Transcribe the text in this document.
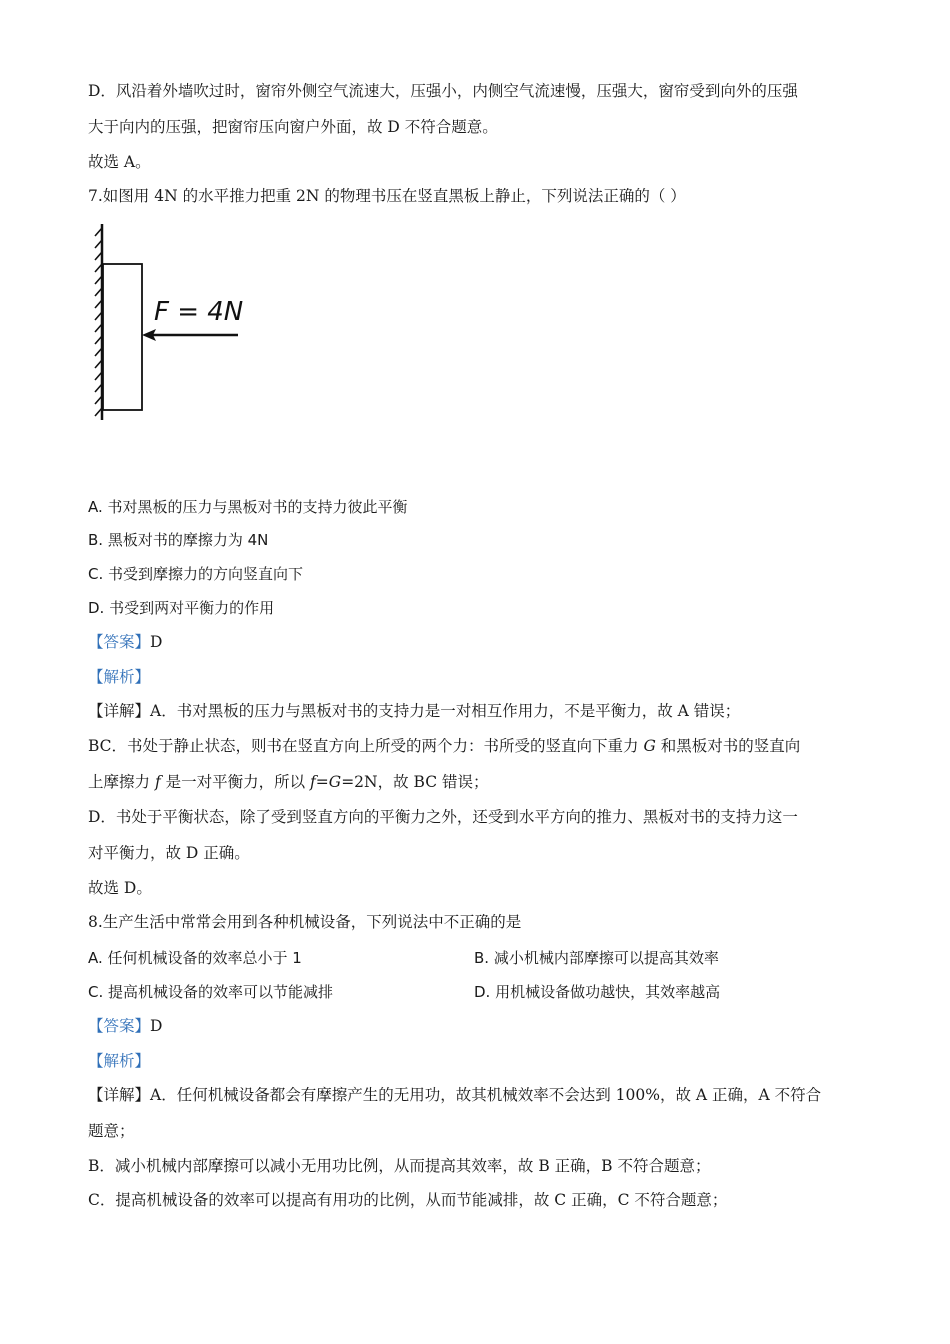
D．风沿着外墙吹过时，窗帘外侧空气流速大，压强小，内侧空气流速慢，压强大，窗帘受到向外的压强
大于向内的压强，把窗帘压向窗户外面，故 D 不符合题意。
故选 A。
7.如图用 4N 的水平推力把重 2N 的物理书压在竖直黑板上静止，下列说法正确的（ ）
F = 4N
A. 书对黑板的压力与黑板对书的支持力彼此平衡
B. 黑板对书的摩擦力为 4N
C. 书受到摩擦力的方向竖直向下
D. 书受到两对平衡力的作用
【答案】D
【解析】
【详解】A．书对黑板的压力与黑板对书的支持力是一对相互作用力，不是平衡力，故 A 错误；
BC．书处于静止状态，则书在竖直方向上所受的两个力：书所受的竖直向下重力 G 和黑板对书的竖直向
上摩擦力 f 是一对平衡力，所以 f=G=2N，故 BC 错误；
D．书处于平衡状态，除了受到竖直方向的平衡力之外，还受到水平方向的推力、黑板对书的支持力这一
对平衡力，故 D 正确。
故选 D。
8.生产生活中常常会用到各种机械设备，下列说法中不正确的是
A. 任何机械设备的效率总小于 1	B. 减小机械内部摩擦可以提高其效率
C. 提高机械设备的效率可以节能减排	D. 用机械设备做功越快，其效率越高
【答案】D
【解析】
【详解】A．任何机械设备都会有摩擦产生的无用功，故其机械效率不会达到 100%，故 A 正确，A 不符合
题意；
B．减小机械内部摩擦可以减小无用功比例，从而提高其效率，故 B 正确，B 不符合题意；
C．提高机械设备的效率可以提高有用功的比例，从而节能减排，故 C 正确，C 不符合题意；
